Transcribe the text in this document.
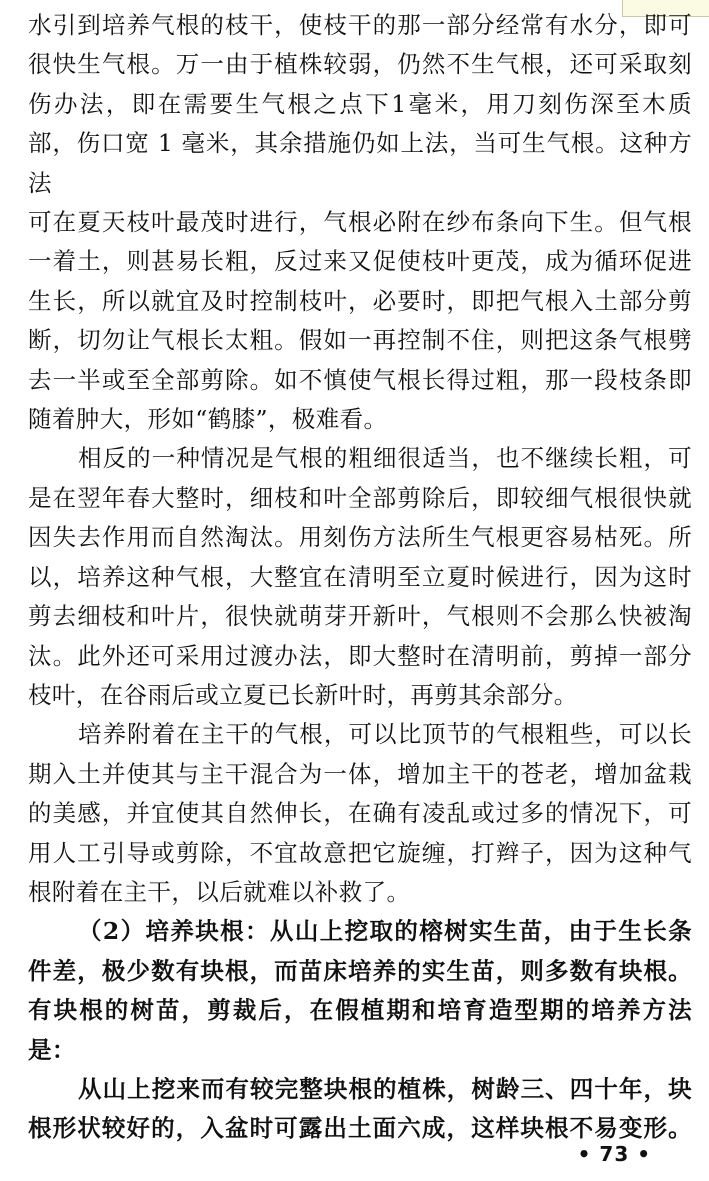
水引到培养气根的枝干，使枝干的那一部分经常有水分，即可
很快生气根。万一由于植株较弱，仍然不生气根，还可采取刻
伤办法，即在需要生气根之点下1毫米，用刀刻伤深至木质
部，伤口宽 1 毫米，其余措施仍如上法，当可生气根。这种方法
可在夏天枝叶最茂时进行，气根必附在纱布条向下生。但气根
一着土，则甚易长粗，反过来又促使枝叶更茂，成为循环促进
生长，所以就宜及时控制枝叶，必要时，即把气根入土部分剪
断，切勿让气根长太粗。假如一再控制不住，则把这条气根劈
去一半或至全部剪除。如不慎使气根长得过粗，那一段枝条即
随着肿大，形如“鹤膝”，极难看。
相反的一种情况是气根的粗细很适当，也不继续长粗，可
是在翌年春大整时，细枝和叶全部剪除后，即较细气根很快就
因失去作用而自然淘汰。用刻伤方法所生气根更容易枯死。所
以，培养这种气根，大整宜在清明至立夏时候进行，因为这时
剪去细枝和叶片，很快就萌芽开新叶，气根则不会那么快被淘
汰。此外还可采用过渡办法，即大整时在清明前，剪掉一部分
枝叶，在谷雨后或立夏已长新叶时，再剪其余部分。
培养附着在主干的气根，可以比顶节的气根粗些，可以长
期入土并使其与主干混合为一体，增加主干的苍老，增加盆栽
的美感，并宜使其自然伸长，在确有凌乱或过多的情况下，可
用人工引导或剪除，不宜故意把它旋缠，打辫子，因为这种气
根附着在主干，以后就难以补救了。
（2）培养块根：从山上挖取的榕树实生苗，由于生长条
件差，极少数有块根，而苗床培养的实生苗，则多数有块根。
有块根的树苗，剪裁后，在假植期和培育造型期的培养方法
是：
从山上挖来而有较完整块根的植株，树龄三、四十年，块
根形状较好的，入盆时可露出土面六成，这样块根不易变形。
• 73 •
